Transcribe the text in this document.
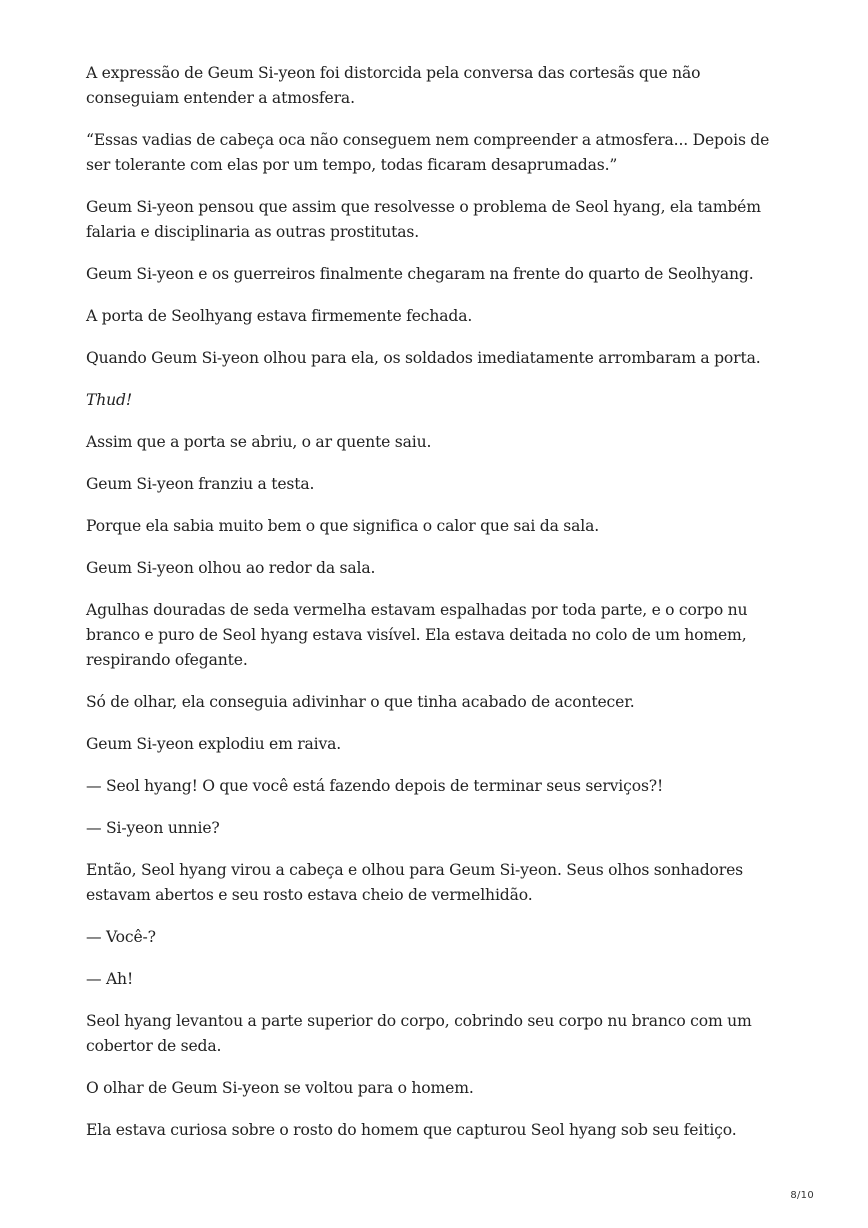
A expressão de Geum Si-yeon foi distorcida pela conversa das cortesãs que não conseguiam entender a atmosfera.

“Essas vadias de cabeça oca não conseguem nem compreender a atmosfera... Depois de ser tolerante com elas por um tempo, todas ficaram desaprumadas.”

Geum Si-yeon pensou que assim que resolvesse o problema de Seol hyang, ela também falaria e disciplinaria as outras prostitutas.

Geum Si-yeon e os guerreiros finalmente chegaram na frente do quarto de Seolhyang.

A porta de Seolhyang estava firmemente fechada.

Quando Geum Si-yeon olhou para ela, os soldados imediatamente arrombaram a porta.

Thud!

Assim que a porta se abriu, o ar quente saiu.

Geum Si-yeon franziu a testa.

Porque ela sabia muito bem o que significa o calor que sai da sala.

Geum Si-yeon olhou ao redor da sala.

Agulhas douradas de seda vermelha estavam espalhadas por toda parte, e o corpo nu branco e puro de Seol hyang estava visível. Ela estava deitada no colo de um homem, respirando ofegante.

Só de olhar, ela conseguia adivinhar o que tinha acabado de acontecer.

Geum Si-yeon explodiu em raiva.

— Seol hyang! O que você está fazendo depois de terminar seus serviços?!

— Si-yeon unnie?

Então, Seol hyang virou a cabeça e olhou para Geum Si-yeon. Seus olhos sonhadores estavam abertos e seu rosto estava cheio de vermelhidão.

— Você-?

— Ah!

Seol hyang levantou a parte superior do corpo, cobrindo seu corpo nu branco com um cobertor de seda.

O olhar de Geum Si-yeon se voltou para o homem.

Ela estava curiosa sobre o rosto do homem que capturou Seol hyang sob seu feitiço.

8/10
